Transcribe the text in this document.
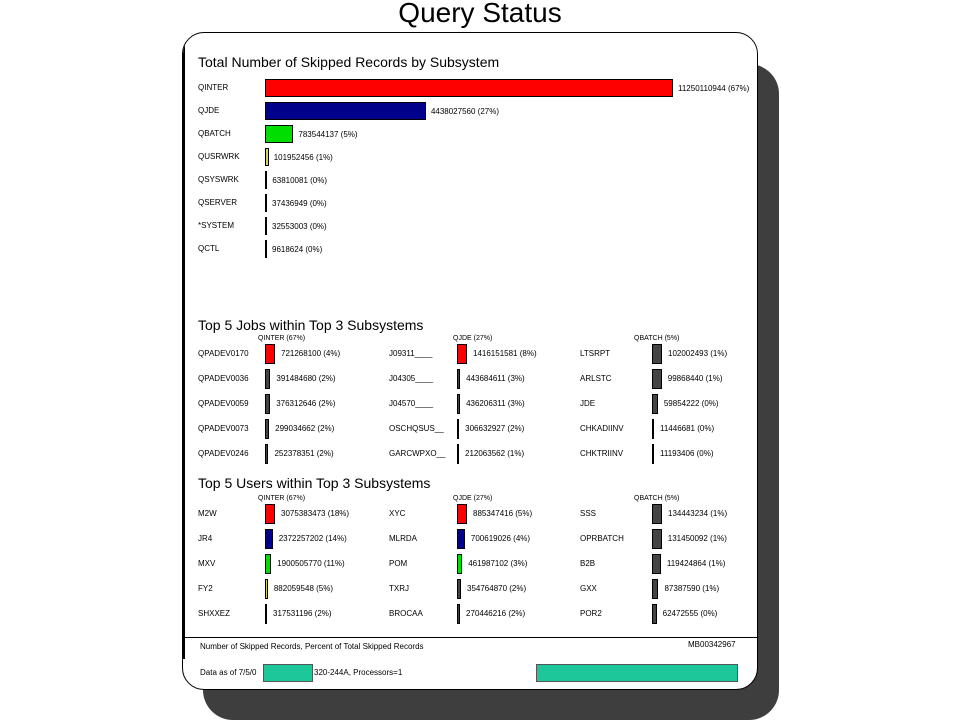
Query Status
Total Number of Skipped Records by Subsystem
QINTER	11250110944 (67%)
QJDE	4438027560 (27%)
QBATCH	783544137 (5%)
QUSRWRK	101952456 (1%)
QSYSWRK	63810081 (0%)
QSERVER	37436949 (0%)
*SYSTEM	32553003 (0%)
QCTL	9618624 (0%)
Top 5 Jobs within Top 3 Subsystems
QINTER (67%)
QPADEV0170	721268100 (4%)
QPADEV0036	391484680 (2%)
QPADEV0059	376312646 (2%)
QPADEV0073	299034662 (2%)
QPADEV0246	252378351 (2%)
QJDE (27%)
J09311____	1416151581 (8%)
J04305____	443684611 (3%)
J04570____	436206311 (3%)
OSCHQSUS__	306632927 (2%)
GARCWPXO__ 212063562 (1%)
QBATCH (5%)
LTSRPT	102002493 (1%)
ARLSTC	99868440 (1%)
JDE	59854222 (0%)
CHKADIINV	11446681 (0%)
CHKTRIINV	11193406 (0%)
Top 5 Users within Top 3 Subsystems
QINTER (67%)
M2W	3075383473 (18%)
JR4	2372257202 (14%)
MXV	1900505770 (11%)
FY2	882059548 (5%)
SHXXEZ	317531196 (2%)
QJDE (27%)
XYC	885347416 (5%)
MLRDA	700619026 (4%)
POM	461987102 (3%)
TXRJ	354764870 (2%)
BROCAA	270446216 (2%)
QBATCH (5%)
SSS	134443234 (1%)
OPRBATCH	131450092 (1%)
B2B	119424864 (1%)
GXX	87387590 (1%)
POR2	62472555 (0%)
Number of Skipped Records, Percent of Total Skipped Records	MB00342967
Data as of 7/5/0	320-244A, Processors=1
